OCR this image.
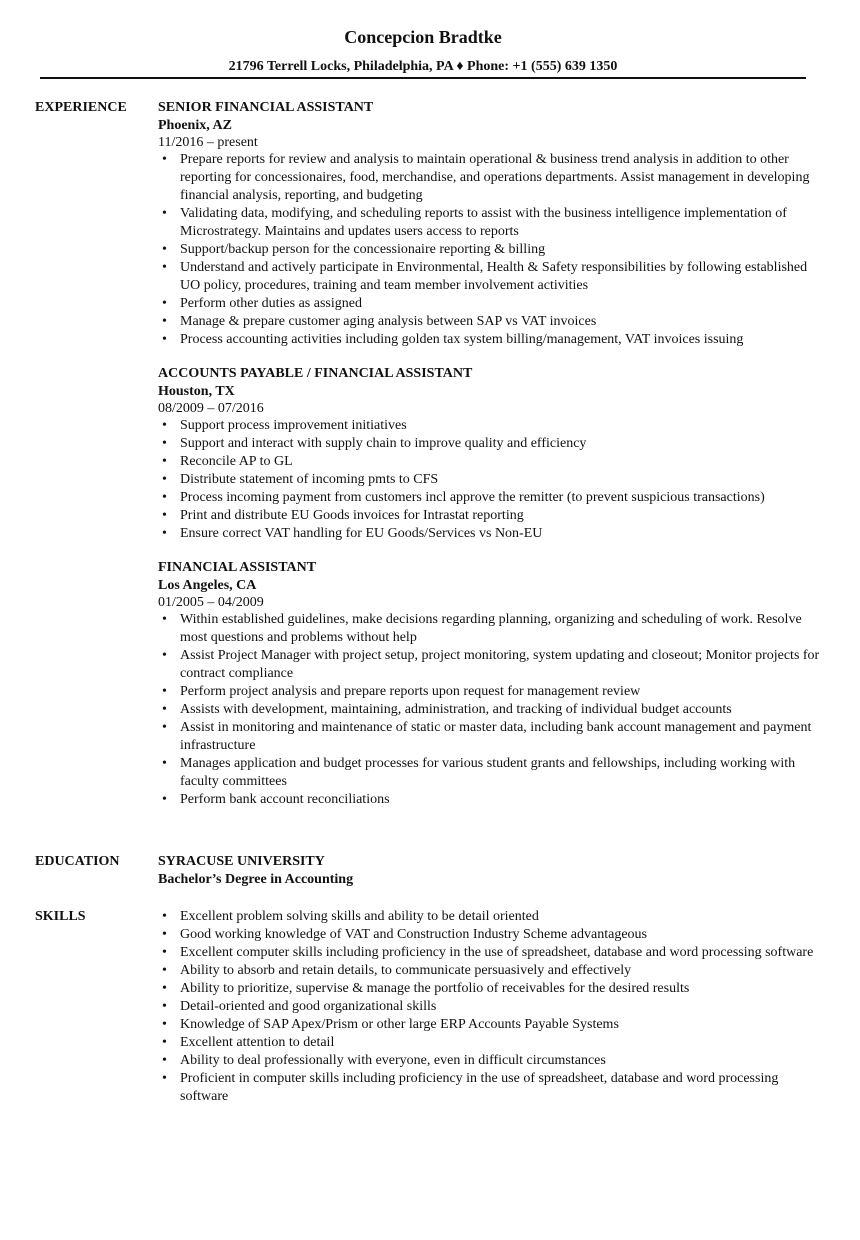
Concepcion Bradtke
21796 Terrell Locks, Philadelphia, PA ♦ Phone: +1 (555) 639 1350
EXPERIENCE SENIOR FINANCIAL ASSISTANT
Phoenix, AZ
11/2016 – present
• Prepare reports for review and analysis to maintain operational & business trend analysis in addition to other reporting for concessionaires, food, merchandise, and operations departments. Assist management in developing financial analysis, reporting, and budgeting
• Validating data, modifying, and scheduling reports to assist with the business intelligence implementation of Microstrategy. Maintains and updates users access to reports
• Support/backup person for the concessionaire reporting & billing
• Understand and actively participate in Environmental, Health & Safety responsibilities by following established UO policy, procedures, training and team member involvement activities
• Perform other duties as assigned
• Manage & prepare customer aging analysis between SAP vs VAT invoices
• Process accounting activities including golden tax system billing/management, VAT invoices issuing
ACCOUNTS PAYABLE / FINANCIAL ASSISTANT
Houston, TX
08/2009 – 07/2016
• Support process improvement initiatives
• Support and interact with supply chain to improve quality and efficiency
• Reconcile AP to GL
• Distribute statement of incoming pmts to CFS
• Process incoming payment from customers incl approve the remitter (to prevent suspicious transactions)
• Print and distribute EU Goods invoices for Intrastat reporting
• Ensure correct VAT handling for EU Goods/Services vs Non-EU
FINANCIAL ASSISTANT
Los Angeles, CA
01/2005 – 04/2009
• Within established guidelines, make decisions regarding planning, organizing and scheduling of work. Resolve most questions and problems without help
• Assist Project Manager with project setup, project monitoring, system updating and closeout; Monitor projects for contract compliance
• Perform project analysis and prepare reports upon request for management review
• Assists with development, maintaining, administration, and tracking of individual budget accounts
• Assist in monitoring and maintenance of static or master data, including bank account management and payment infrastructure
• Manages application and budget processes for various student grants and fellowships, including working with faculty committees
• Perform bank account reconciliations
EDUCATION	SYRACUSE UNIVERSITY
Bachelor’s Degree in Accounting
SKILLS
•	Excellent problem solving skills and ability to be detail oriented
• Good working knowledge of VAT and Construction Industry Scheme advantageous
• Excellent computer skills including proficiency in the use of spreadsheet, database and word processing software
• Ability to absorb and retain details, to communicate persuasively and effectively
• Ability to prioritize, supervise & manage the portfolio of receivables for the desired results
• Detail-oriented and good organizational skills
• Knowledge of SAP Apex/Prism or other large ERP Accounts Payable Systems
• Excellent attention to detail
• Ability to deal professionally with everyone, even in difficult circumstances
• Proficient in computer skills including proficiency in the use of spreadsheet, database and word processing software
